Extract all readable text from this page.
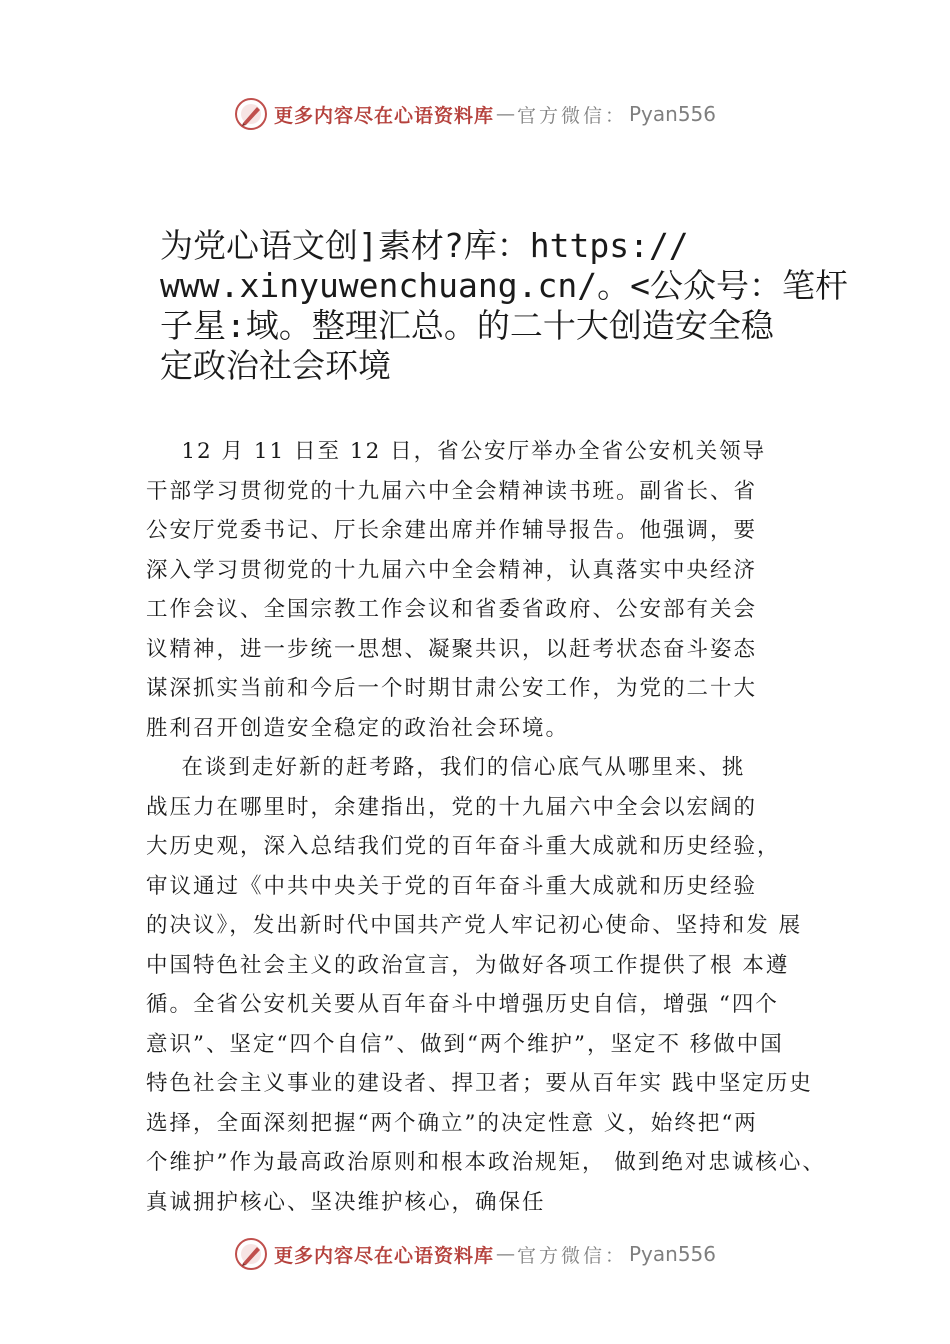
更多内容尽在心语资料库 — 官方微信： Pyan556
为党心语文创]素材?库：https://
www.xinyuwenchuang.cn/。<公众号：笔杆
子星:域。整理汇总。的二十大创造安全稳
定政治社会环境
12 月 11 日至 12 日，省公安厅举办全省公安机关领导
干部学习贯彻党的十九届六中全会精神读书班。副省长、省
公安厅党委书记、厅长余建出席并作辅导报告。他强调，要
深入学习贯彻党的十九届六中全会精神，认真落实中央经济
工作会议、全国宗教工作会议和省委省政府、公安部有关会
议精神，进一步统一思想、凝聚共识，以赶考状态奋斗姿态
谋深抓实当前和今后一个时期甘肃公安工作，为党的二十大
胜利召开创造安全稳定的政治社会环境。
在谈到走好新的赶考路，我们的信心底气从哪里来、挑
战压力在哪里时，余建指出，党的十九届六中全会以宏阔的
大历史观，深入总结我们党的百年奋斗重大成就和历史经验，
审议通过《中共中央关于党的百年奋斗重大成就和历史经验
的决议》，发出新时代中国共产党人牢记初心使命、坚持和发 展
中国特色社会主义的政治宣言，为做好各项工作提供了根 本遵
循。全省公安机关要从百年奋斗中增强历史自信，增强 “四个
意识”、坚定“四个自信”、做到“两个维护”，坚定不 移做中国
特色社会主义事业的建设者、捍卫者；要从百年实 践中坚定历史
选择，全面深刻把握“两个确立”的决定性意 义，始终把“两
个维护”作为最高政治原则和根本政治规矩， 做到绝对忠诚核心、
真诚拥护核心、坚决维护核心，确保任
更多内容尽在心语资料库 — 官方微信： Pyan556
